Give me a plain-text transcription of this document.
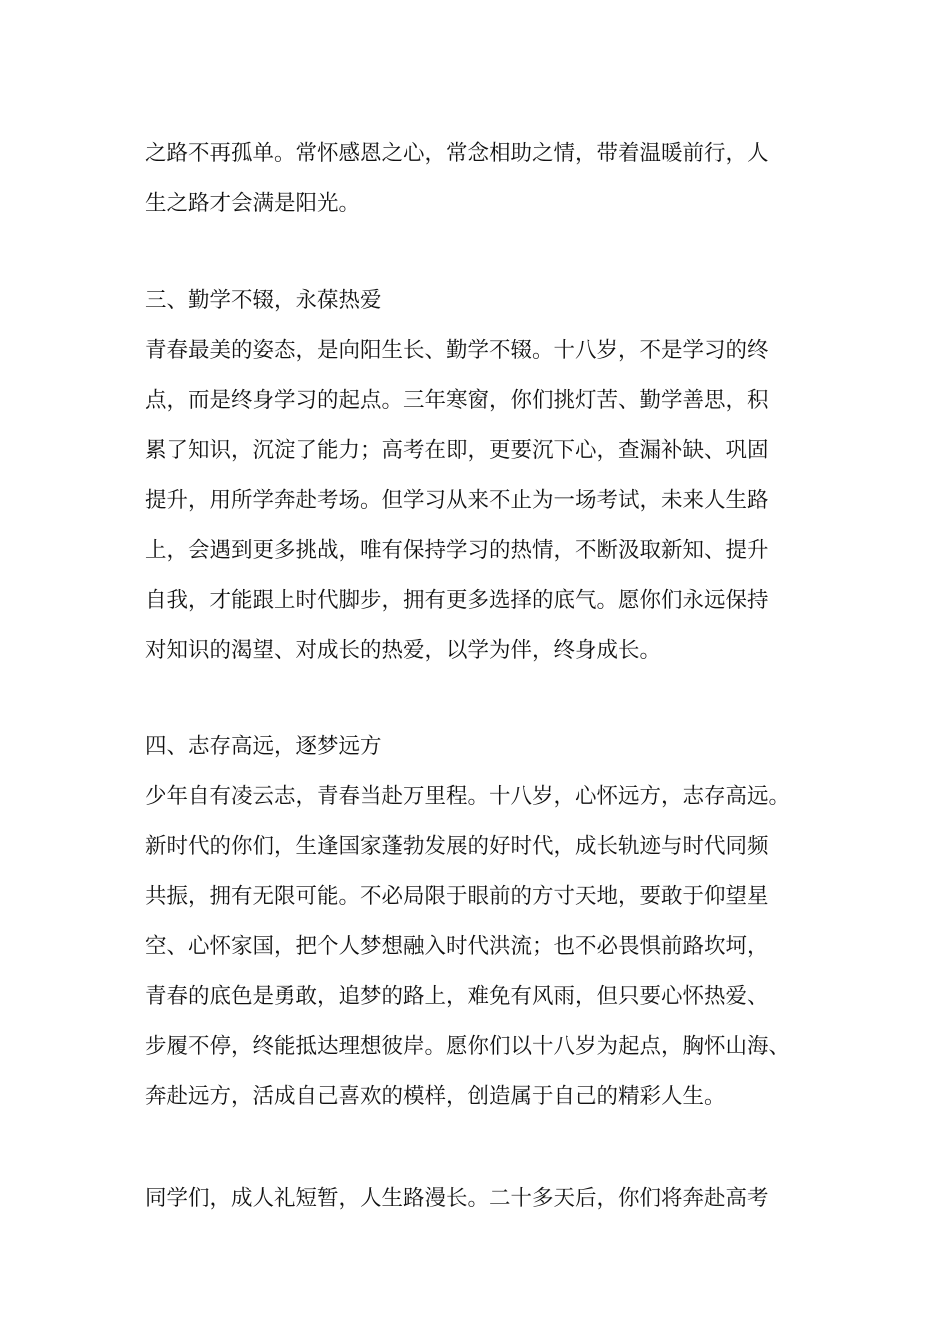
之路不再孤单。常怀感恩之心，常念相助之情，带着温暖前行，人
生之路才会满是阳光。
三、勤学不辍，永葆热爱
青春最美的姿态，是向阳生长、勤学不辍。十八岁，不是学习的终
点，而是终身学习的起点。三年寒窗，你们挑灯苦、勤学善思，积
累了知识，沉淀了能力；高考在即，更要沉下心，查漏补缺、巩固
提升，用所学奔赴考场。但学习从来不止为一场考试，未来人生路
上，会遇到更多挑战，唯有保持学习的热情，不断汲取新知、提升
自我，才能跟上时代脚步，拥有更多选择的底气。愿你们永远保持
对知识的渴望、对成长的热爱，以学为伴，终身成长。
四、志存高远，逐梦远方
少年自有凌云志，青春当赴万里程。十八岁，心怀远方，志存高远。
新时代的你们，生逢国家蓬勃发展的好时代，成长轨迹与时代同频
共振，拥有无限可能。不必局限于眼前的方寸天地，要敢于仰望星
空、心怀家国，把个人梦想融入时代洪流；也不必畏惧前路坎坷，
青春的底色是勇敢，追梦的路上，难免有风雨，但只要心怀热爱、
步履不停，终能抵达理想彼岸。愿你们以十八岁为起点，胸怀山海、
奔赴远方，活成自己喜欢的模样，创造属于自己的精彩人生。
同学们，成人礼短暂，人生路漫长。二十多天后，你们将奔赴高考
